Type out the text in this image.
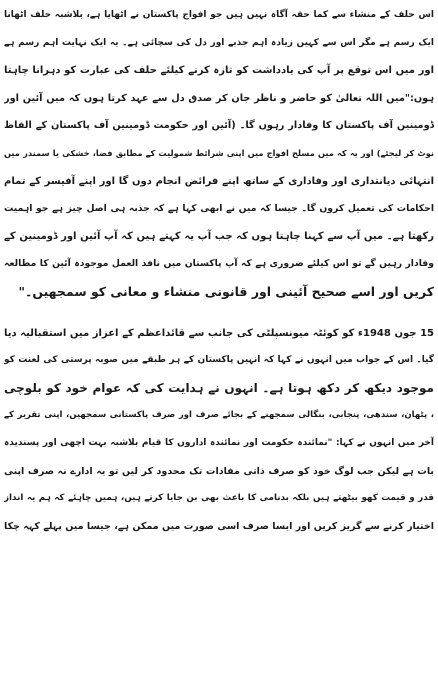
اس حلف کے منشاء سے کما حقہ آگاہ نہیں ہیں جو افواج پاکستان نے اٹھایا ہے، بلاشبہ حلف اٹھانا
ایک رسم ہے مگر اس سے کہیں زیادہ اہم جذبے اور دل کی سچائی ہے۔ یہ ایک نہایت اہم رسم ہے
اور میں اس توقع پر آپ کی یادداشت کو تازہ کرنے کیلئے حلف کی عبارت کو دہرانا چاہتا
ہوں:"میں اللہ تعالیٰ کو حاضر و ناظر جان کر صدق دل سے عہد کرتا ہوں کہ میں آئین اور
ڈومینین آف پاکستان کا وفادار رہوں گا۔ (آئین اور حکومت ڈومینین آف پاکستان کے الفاظ
نوٹ کر لیجئے) اور یہ کہ میں مسلح افواج میں اپنی شرائط شمولیت کے مطابق فضا، خشکی یا سمندر میں
انتہائی دیانتداری اور وفاداری کے ساتھ اپنے فرائض انجام دوں گا اور اپنے آفیسر کے تمام
احکامات کی تعمیل کروں گا۔ جیسا کہ میں نے ابھی کہا ہے کہ جذبہ ہی اصل چیز ہے جو اہمیت
رکھتا ہے۔ میں آپ سے کہنا چاہتا ہوں کہ جب آپ یہ کہتے ہیں کہ آپ آئین اور ڈومینین کے
وفادار رہیں گے تو اس کیلئے ضروری ہے کہ آپ پاکستان میں نافذ العمل موجودہ آئین کا مطالعہ
کریں اور اسے صحیح آئینی اور قانونی منشاء و معانی کو سمجھیں۔"
15 جون 1948ء کو کوئٹہ میونسپلٹی کی جانب سے قائداعظم کے اعزاز میں استقبالیہ دیا
گیا۔ اس کے جواب میں انہوں نے کہا کہ انہیں پاکستان کے ہر طبقے میں صوبہ پرستی کی لعنت کو
موجود دیکھ کر دکھ ہوتا ہے۔ انہوں نے ہدایت کی کہ عوام خود کو بلوچی
، پٹھان، سندھی، پنجابی، بنگالی سمجھنے کے بجائے صرف اور صرف پاکستانی سمجھیں، اپنی تقریر کے
آخر میں انہوں نے کہا: "نمائندہ حکومت اور نمائندہ اداروں کا قیام بلاشبہ بہت اچھی اور پسندیدہ
بات ہے لیکن جب لوگ خود کو صرف ذاتی مفادات تک محدود کر لیں تو یہ ادارے نہ صرف اپنی
قدر و قیمت کھو بیٹھتے ہیں بلکہ بدنامی کا باعث بھی بن جایا کرتے ہیں، ہمیں چاہئے کہ ہم یہ انداز
اختیار کرنے سے گریز کریں اور ایسا صرف اسی صورت میں ممکن ہے، جیسا میں پہلے کہہ چکا
